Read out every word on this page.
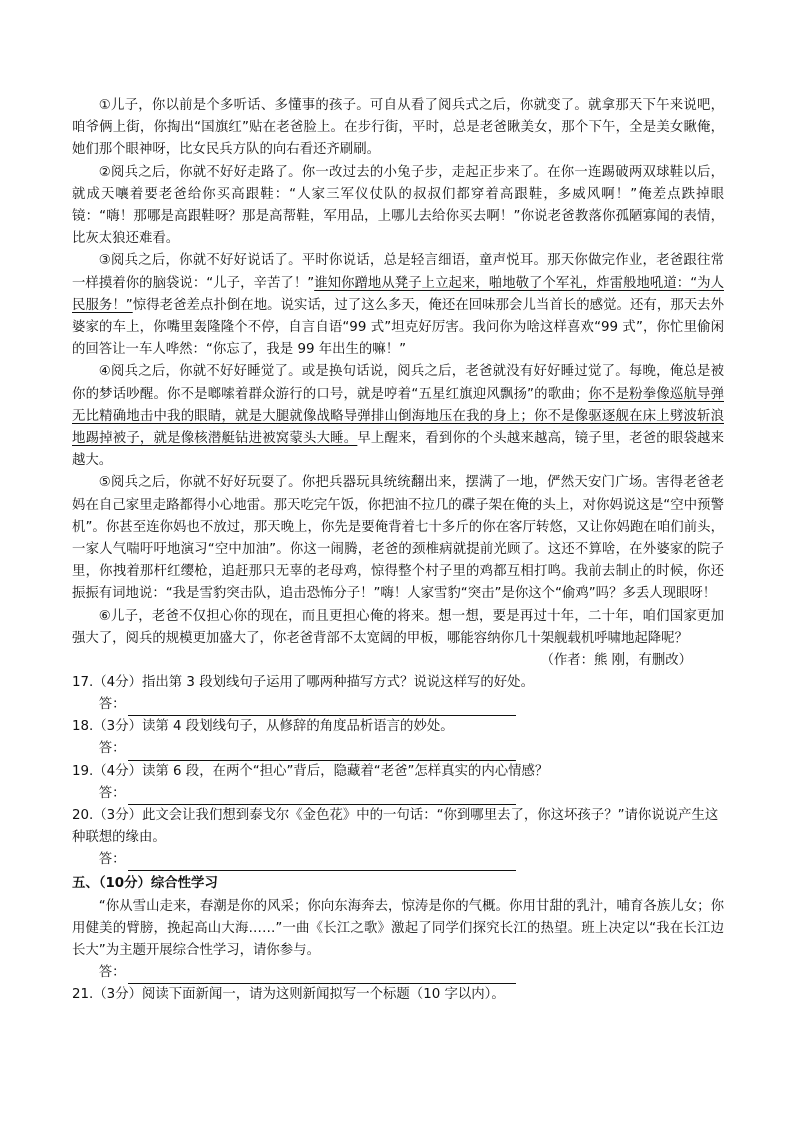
①儿子，你以前是个多听话、多懂事的孩子。可自从看了阅兵式之后，你就变了。就拿那天下午来说吧，咱爷俩上街，你掏出“国旗红”贴在老爸脸上。在步行街，平时，总是老爸瞅美女，那个下午，全是美女瞅俺，她们那个眼神呀，比女民兵方队的向右看还齐刷刷。

②阅兵之后，你就不好好走路了。你一改过去的小兔子步，走起正步来了。在你一连踢破两双球鞋以后，就成天嚷着要老爸给你买高跟鞋：“人家三军仪仗队的叔叔们都穿着高跟鞋，多威风啊！”俺差点跌掉眼镜：“嗨！那哪是高跟鞋呀？那是高帮鞋，军用品，上哪儿去给你买去啊！”你说老爸教落你孤陋寡闻的表情，比灰太狼还难看。

③阅兵之后，你就不好好说话了。平时你说话，总是轻言细语，童声悦耳。那天你做完作业，老爸跟往常一样摸着你的脑袋说：“儿子，辛苦了！”谁知你蹭地从凳子上立起来，啪地敬了个军礼，炸雷般地吼道：“为人民服务！”惊得老爸差点扑倒在地。说实话，过了这么多天，俺还在回味那会儿当首长的感觉。还有，那天去外婆家的车上，你嘴里轰隆隆个不停，自言自语“99 式”坦克好厉害。我问你为啥这样喜欢“99 式”，你忙里偷闲的回答让一车人哗然：“你忘了，我是 99 年出生的嘛！”

④阅兵之后，你就不好好睡觉了。或是换句话说，阅兵之后，老爸就没有好好睡过觉了。每晚，俺总是被你的梦话吵醒。你不是啷嗦着群众游行的口号，就是哼着“五星红旗迎风飘扬”的歌曲；你不是粉拳像巡航导弹无比精确地击中我的眼睛，就是大腿就像战略导弹排山倒海地压在我的身上；你不是像驱逐舰在床上劈波斩浪地踢掉被子，就是像核潜艇钻进被窝蒙头大睡。早上醒来，看到你的个头越来越高，镜子里，老爸的眼袋越来越大。

⑤阅兵之后，你就不好好玩耍了。你把兵器玩具统统翻出来，摆满了一地，俨然天安门广场。害得老爸老妈在自己家里走路都得小心地雷。那天吃完午饭，你把油不拉几的碟子架在俺的头上，对你妈说这是“空中预警机”。你甚至连你妈也不放过，那天晚上，你先是要俺背着七十多斤的你在客厅转悠，又让你妈跑在咱们前头，一家人气喘吁吁地演习“空中加油”。你这一闹腾，老爸的颈椎病就提前光顾了。这还不算啥，在外婆家的院子里，你拽着那杆红缨枪，追赶那只无辜的老母鸡，惊得整个村子里的鸡都互相打鸣。我前去制止的时候，你还振振有词地说：“我是雪豹突击队，追击恐怖分子！”嗨！人家雪豹“突击”是你这个“偷鸡”吗？多丢人现眼呀！

⑥儿子，老爸不仅担心你的现在，而且更担心俺的将来。想一想，要是再过十年，二十年，咱们国家更加强大了，阅兵的规模更加盛大了，你老爸背部不太宽阔的甲板，哪能容纳你几十架舰载机呼啸地起降呢？

（作者：熊 刚，有删改）

17.（4分）指出第 3 段划线句子运用了哪两种描写方式？说说这样写的好处。

答：

18.（3分）读第 4 段划线句子，从修辞的角度品析语言的妙处。

答：

19.（4分）读第 6 段，在两个“担心”背后，隐藏着“老爸”怎样真实的内心情感？

答：

20.（3分）此文会让我们想到泰戈尔《金色花》中的一句话：“你到哪里去了，你这坏孩子？”请你说说产生这种联想的缘由。

答：

五、（10分）综合性学习

“你从雪山走来，春潮是你的风采；你向东海奔去，惊涛是你的气概。你用甘甜的乳汁，哺育各族儿女；你用健美的臂膀，挽起高山大海……”一曲《长江之歌》激起了同学们探究长江的热望。班上决定以“我在长江边长大”为主题开展综合性学习，请你参与。

答：

21.（3分）阅读下面新闻一，请为这则新闻拟写一个标题（10 字以内）。
